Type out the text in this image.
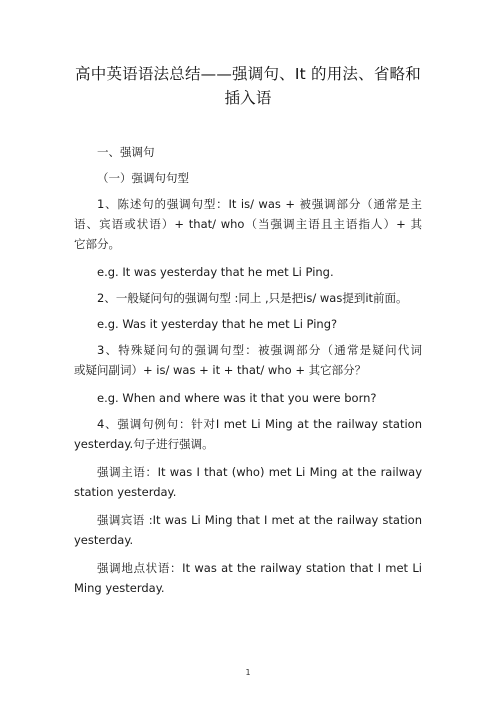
高中英语语法总结——强调句、It 的用法、省略和
插入语
一、强调句
（一）强调句句型
1、陈述句的强调句型：It is/ was + 被强调部分（通常是主
语、宾语或状语）+ that/ who（当强调主语且主语指人）+ 其
它部分。
e.g. It was yesterday that he met Li Ping.
2、一般疑问句的强调句型 :同上 ,只是把is/ was提到it前面。
e.g. Was it yesterday that he met Li Ping?
3、特殊疑问句的强调句型：被强调部分（通常是疑问代词
或疑问副词）+ is/ was + it + that/ who + 其它部分？
e.g. When and where was it that you were born?
4、强调句例句：针对I met Li Ming at the railway station
yesterday.句子进行强调。
强调主语：It was I that (who) met Li Ming at the railway
station yesterday.
强调宾语 :It was Li Ming that I met at the railway station
yesterday.
强调地点状语：It was at the railway station that I met Li
Ming yesterday.
1
